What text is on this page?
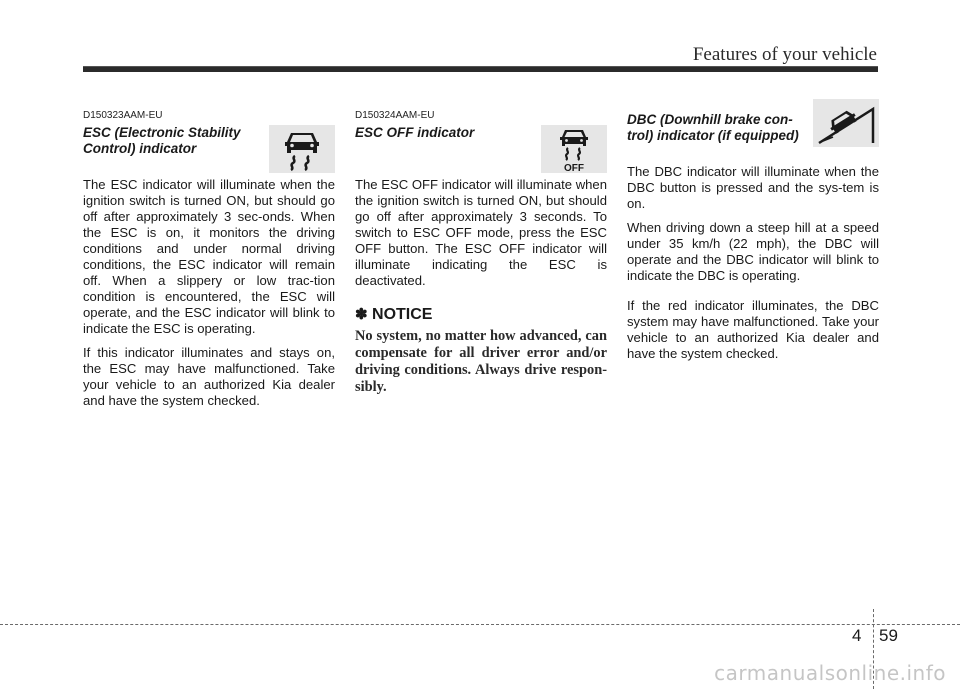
Features of your vehicle
D150323AAM-EU
ESC (Electronic Stability Control) indicator

The ESC indicator will illuminate when the ignition switch is turned ON, but should go off after approximately 3 sec-onds. When the ESC is on, it monitors the driving conditions and under normal driving conditions, the ESC indicator will remain off. When a slippery or low trac-tion condition is encountered, the ESC will operate, and the ESC indicator will blink to indicate the ESC is operating.

If this indicator illuminates and stays on, the ESC may have malfunctioned. Take your vehicle to an authorized Kia dealer and have the system checked.

D150324AAM-EU
ESC OFF indicator
OFF

The ESC OFF indicator will illuminate when the ignition switch is turned ON, but should go off after approximately 3 seconds. To switch to ESC OFF mode, press the ESC OFF button. The ESC OFF indicator will illuminate indicating the ESC is deactivated.

✽ NOTICE

No system, no matter how advanced, can compensate for all driver error and/or driving conditions. Always drive respon-sibly.

DBC (Downhill brake con-trol) indicator (if equipped)

The DBC indicator will illuminate when the DBC button is pressed and the sys-tem is on.

When driving down a steep hill at a speed under 35 km/h (22 mph), the DBC will operate and the DBC indicator will blink to indicate the DBC is operating.

If the red indicator illuminates, the DBC system may have malfunctioned. Take your vehicle to an authorized Kia dealer and have the system checked.

4 59
carmanualsonline.info
